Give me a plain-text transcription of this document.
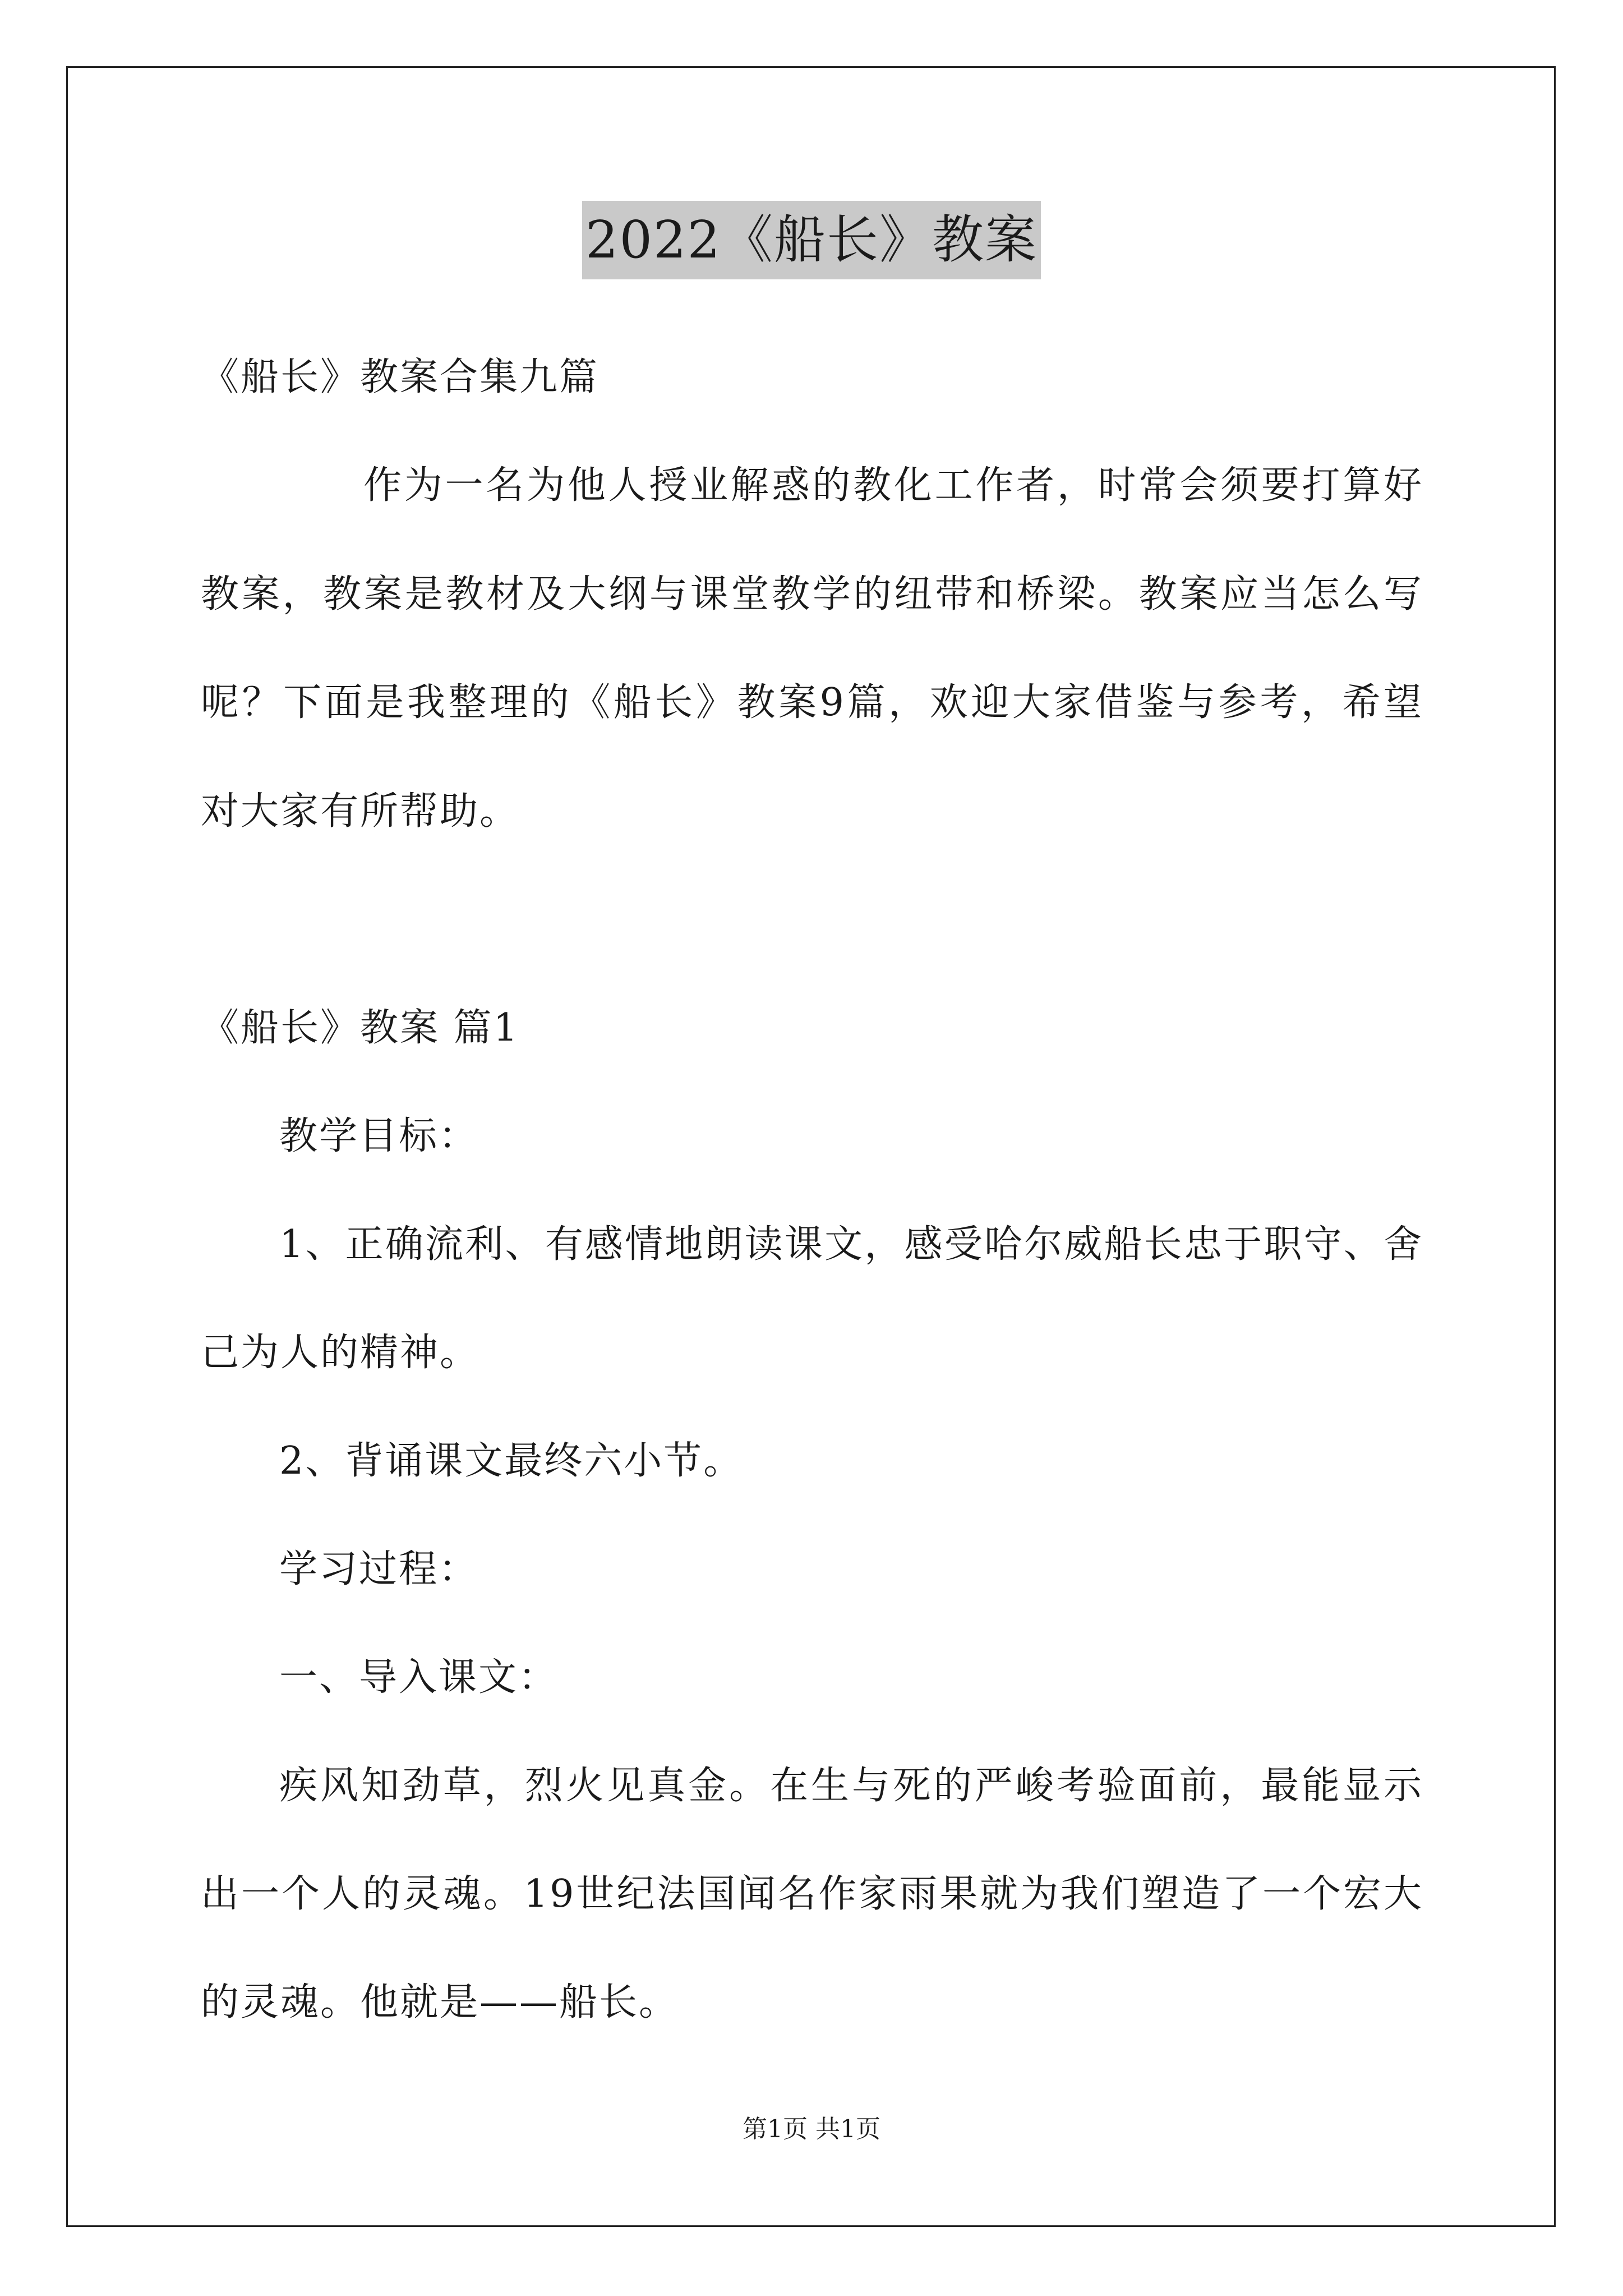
2022《船长》教案
《船长》教案合集九篇
作为一名为他人授业解惑的教化工作者，时常会须要打算好
教案，教案是教材及大纲与课堂教学的纽带和桥梁。教案应当怎么写
呢？下面是我整理的《船长》教案9篇，欢迎大家借鉴与参考，希望
对大家有所帮助。
《船长》教案 篇1
教学目标：
1、正确流利、有感情地朗读课文，感受哈尔威船长忠于职守、舍
己为人的精神。
2、背诵课文最终六小节。
学习过程：
一、导入课文：
疾风知劲草，烈火见真金。在生与死的严峻考验面前，最能显示
出一个人的灵魂。19世纪法国闻名作家雨果就为我们塑造了一个宏大
的灵魂。他就是——船长。
第1页 共1页
